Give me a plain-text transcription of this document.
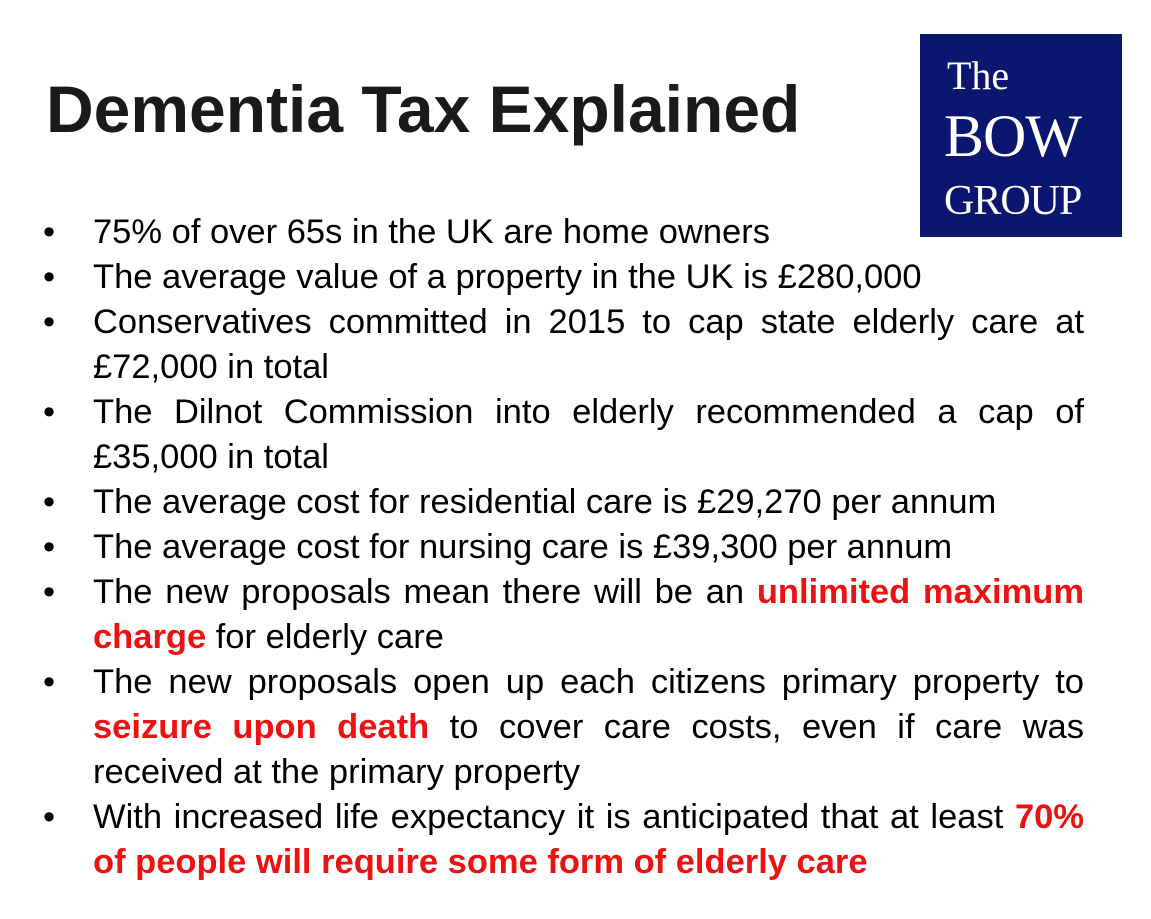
Dementia Tax Explained	The
BOW
GROUP
• 75% of over 65s in the UK are home owners
• The average value of a property in the UK is £280,000
• Conservatives committed in 2015 to cap state elderly care at £72,000 in total
• The Dilnot Commission into elderly recommended a cap of £35,000 in total
• The average cost for residential care is £29,270 per annum
• The average cost for nursing care is £39,300 per annum
• The new proposals mean there will be an unlimited maximum charge for elderly care
• The new proposals open up each citizens primary property to seizure upon death to cover care costs, even if care was received at the primary property
• With increased life expectancy it is anticipated that at least 70% of people will require some form of elderly care
